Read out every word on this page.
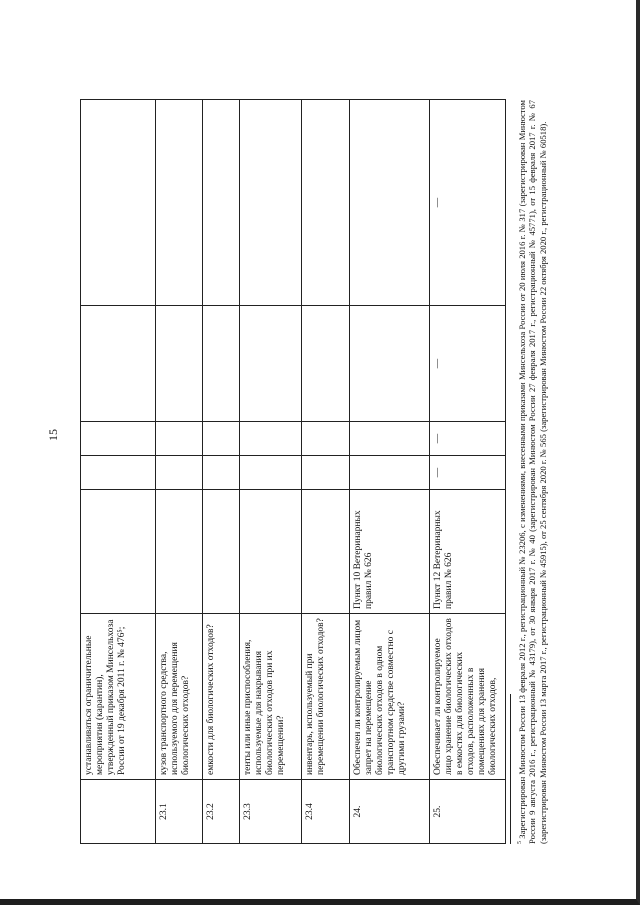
15
	устанавливаться ограничительные мероприятия (карантин), утвержденный приказом Минсельхоза России от 19 декабря 2011 г. № 476⁵;					
23.1	кузов транспортного средства, используемого для перемещения биологических отходов?					
23.2	емкости для биологических отходов?					
23.3	тенты или иные приспособления, используемые для накрывания биологических отходов при их перемещении?					
23.4	инвентарь, используемый при перемещении биологических отходов?					
24.	Обеспечен ли контролируемым лицом запрет на перемещение биологических отходов в одном транспортном средстве совместно с другими грузами?	Пункт 10 Ветеринарных правил № 626				
25.	Обеспечивает ли контролируемое лицо хранение биологических отходов в емкостях для биологических отходов, расположенных в помещениях для хранения биологических отходов,	Пункт 12 Ветеринарных правил № 626	—	—	—	—
$^5$ Зарегистрирован Минюстом России 13 февраля 2012 г., регистрационный № 23206, с изменениями, внесенными приказами Минсельхоза России от 20 июля 2016 г. № 317 (зарегистрирован Минюстом России 9 августа 2016 г., регистрационный № 43179), от 30 января 2017 г. № 40 (зарегистрирован Минюстом России 27 февраля 2017 г., регистрационный № 45771), от 15 февраля 2017 г. № 67 (зарегистрирован Минюстом России 13 марта 2017 г., регистрационный № 45915), от 25 сентября 2020 г. № 565 (зарегистрирован Минюстом России 22 октября 2020 г., регистрационный № 60518).
